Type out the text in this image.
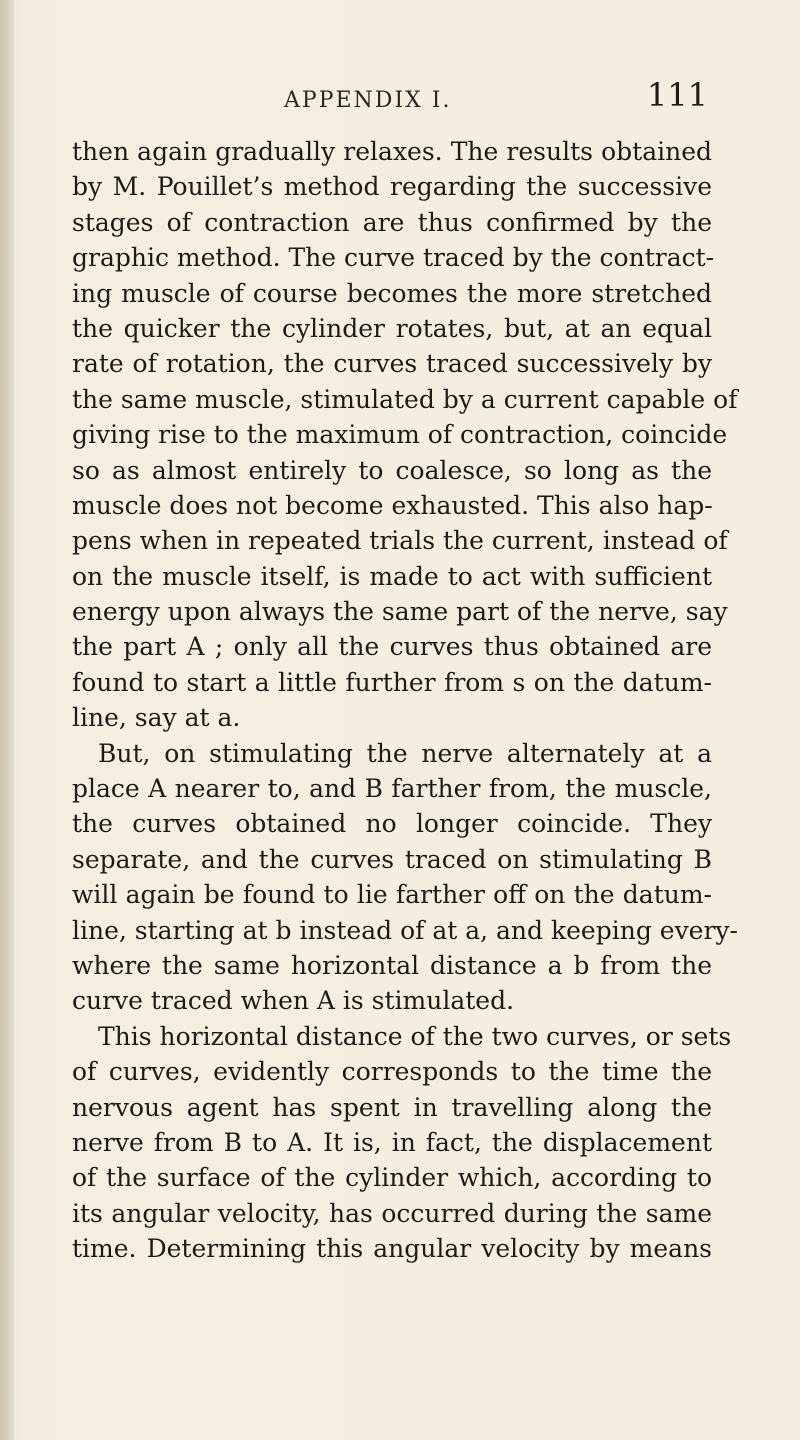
APPENDIX I.	111
then again gradually relaxes. The results obtained
by M. Pouillet’s method regarding the successive
stages of contraction are thus confirmed by the
graphic method. The curve traced by the contract-
ing muscle of course becomes the more stretched
the quicker the cylinder rotates, but, at an equal
rate of rotation, the curves traced successively by
the same muscle, stimulated by a current capable of
giving rise to the maximum of contraction, coincide
so as almost entirely to coalesce, so long as the
muscle does not become exhausted. This also hap-
pens when in repeated trials the current, instead of
on the muscle itself, is made to act with sufficient
energy upon always the same part of the nerve, say
the part A ; only all the curves thus obtained are
found to start a little further from s on the datum-
line, say at a.
But, on stimulating the nerve alternately at a
place A nearer to, and B farther from, the muscle,
the curves obtained no longer coincide. They
separate, and the curves traced on stimulating B
will again be found to lie farther off on the datum-
line, starting at b instead of at a, and keeping every-
where the same horizontal distance a b from the
curve traced when A is stimulated.
This horizontal distance of the two curves, or sets
of curves, evidently corresponds to the time the
nervous agent has spent in travelling along the
nerve from B to A. It is, in fact, the displacement
of the surface of the cylinder which, according to
its angular velocity, has occurred during the same
time. Determining this angular velocity by means
